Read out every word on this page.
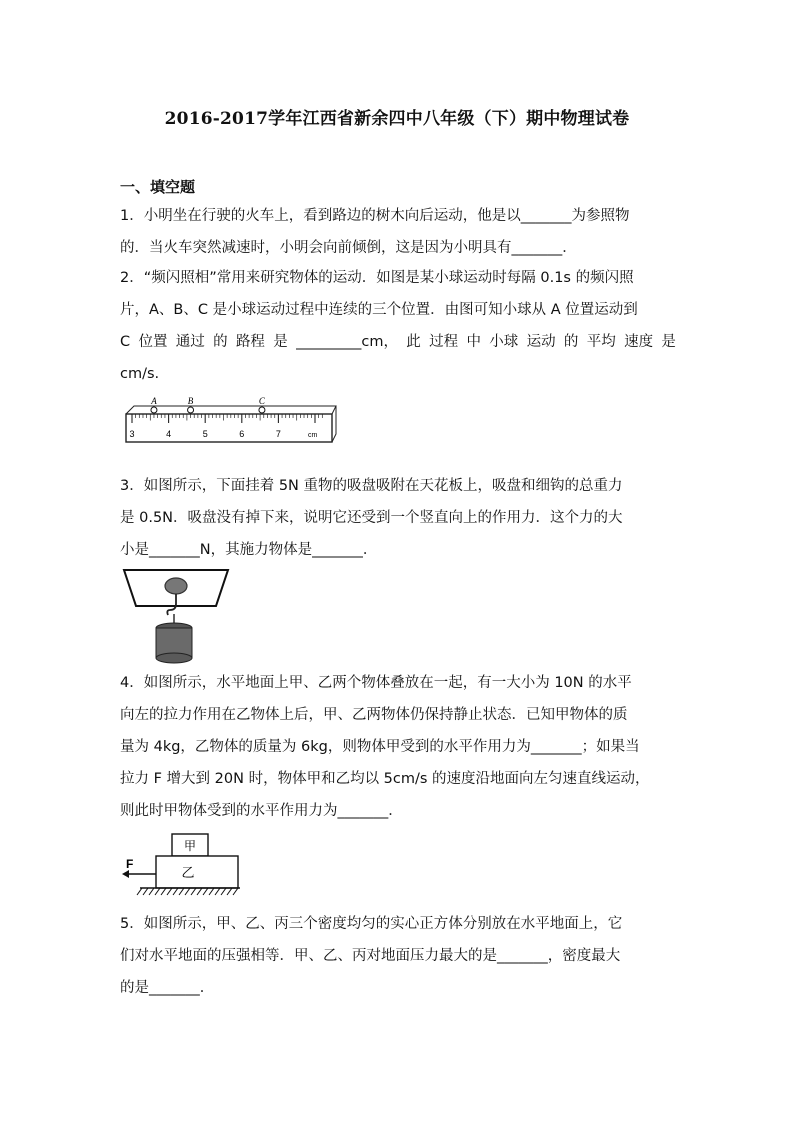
2016-2017学年江西省新余四中八年级（下）期中物理试卷
一、填空题
1．小明坐在行驶的火车上，看到路边的树木向后运动，他是以_______为参照物
的．当火车突然减速时，小明会向前倾倒，这是因为小明具有_______．
2．“频闪照相”常用来研究物体的运动．如图是某小球运动时每隔 0.1s 的频闪照
片，A、B、C 是小球运动过程中连续的三个位置．由图可知小球从 A 位置运动到
C 位置 通过 的 路程 是 _________cm， 此 过程 中 小球 运动 的 平均 速度 是
cm/s.
3	4	5	6	7	cm
A	B	C
3．如图所示，下面挂着 5N 重物的吸盘吸附在天花板上，吸盘和细钩的总重力
是 0.5N．吸盘没有掉下来，说明它还受到一个竖直向上的作用力．这个力的大
小是_______N，其施力物体是_______．
4．如图所示，水平地面上甲、乙两个物体叠放在一起，有一大小为 10N 的水平
向左的拉力作用在乙物体上后，甲、乙两物体仍保持静止状态．已知甲物体的质
量为 4kg，乙物体的质量为 6kg，则物体甲受到的水平作用力为_______；如果当
拉力 F 增大到 20N 时，物体甲和乙均以 5cm/s 的速度沿地面向左匀速直线运动，
则此时甲物体受到的水平作用力为_______．
甲
乙
F
5．如图所示，甲、乙、丙三个密度均匀的实心正方体分别放在水平地面上，它
们对水平地面的压强相等．甲、乙、丙对地面压力最大的是_______，密度最大
的是_______．
